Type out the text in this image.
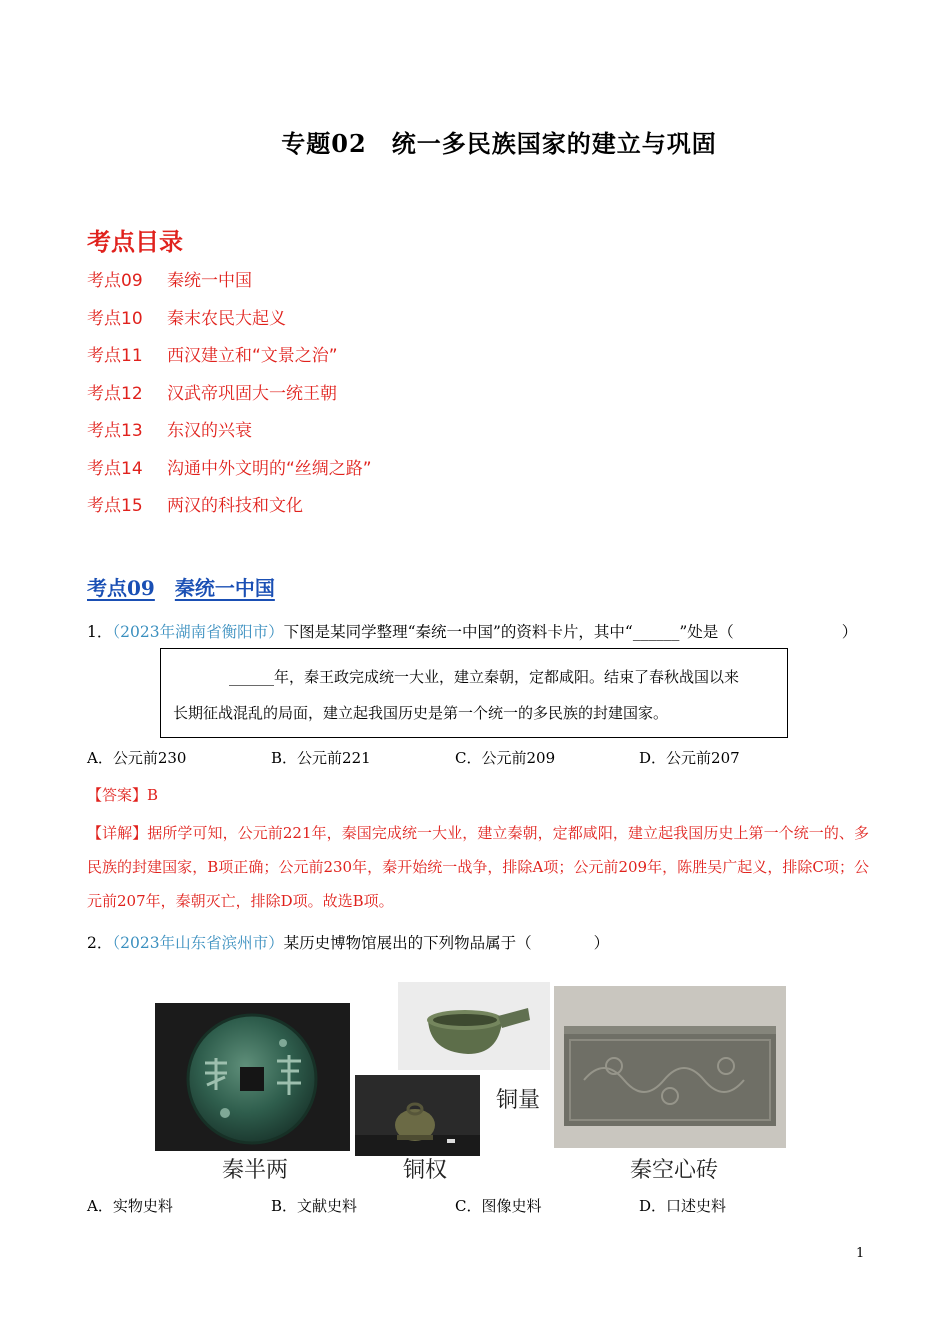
专题02　统一多民族国家的建立与巩固
考点目录
考点09 秦统一中国
考点10 秦末农民大起义
考点11 西汉建立和“文景之治”
考点12 汉武帝巩固大一统王朝
考点13 东汉的兴衰
考点14 沟通中外文明的“丝绸之路”
考点15 两汉的科技和文化
考点09 秦统一中国
1．（2023年湖南省衡阳市）下图是某同学整理“秦统一中国”的资料卡片，其中“______”处是（	）
______年，秦王政完成统一大业，建立秦朝，定都咸阳。结束了春秋战国以来
长期征战混乱的局面，建立起我国历史是第一个统一的多民族的封建国家。
A．公元前230	B．公元前221	C．公元前209	D．公元前207
【答案】B
【详解】据所学可知，公元前221年，秦国完成统一大业，建立秦朝，定都咸阳，建立起我国历史上第一个统一的、多民族的封建国家，B项正确；公元前230年，秦开始统一战争，排除A项；公元前209年，陈胜吴广起义，排除C项；公元前207年，秦朝灭亡，排除D项。故选B项。
2．（2023年山东省滨州市）某历史博物馆展出的下列物品属于（	）
秦半两	铜权
铜量
秦空心砖
A．实物史料	B．文献史料	C．图像史料	D．口述史料
1
